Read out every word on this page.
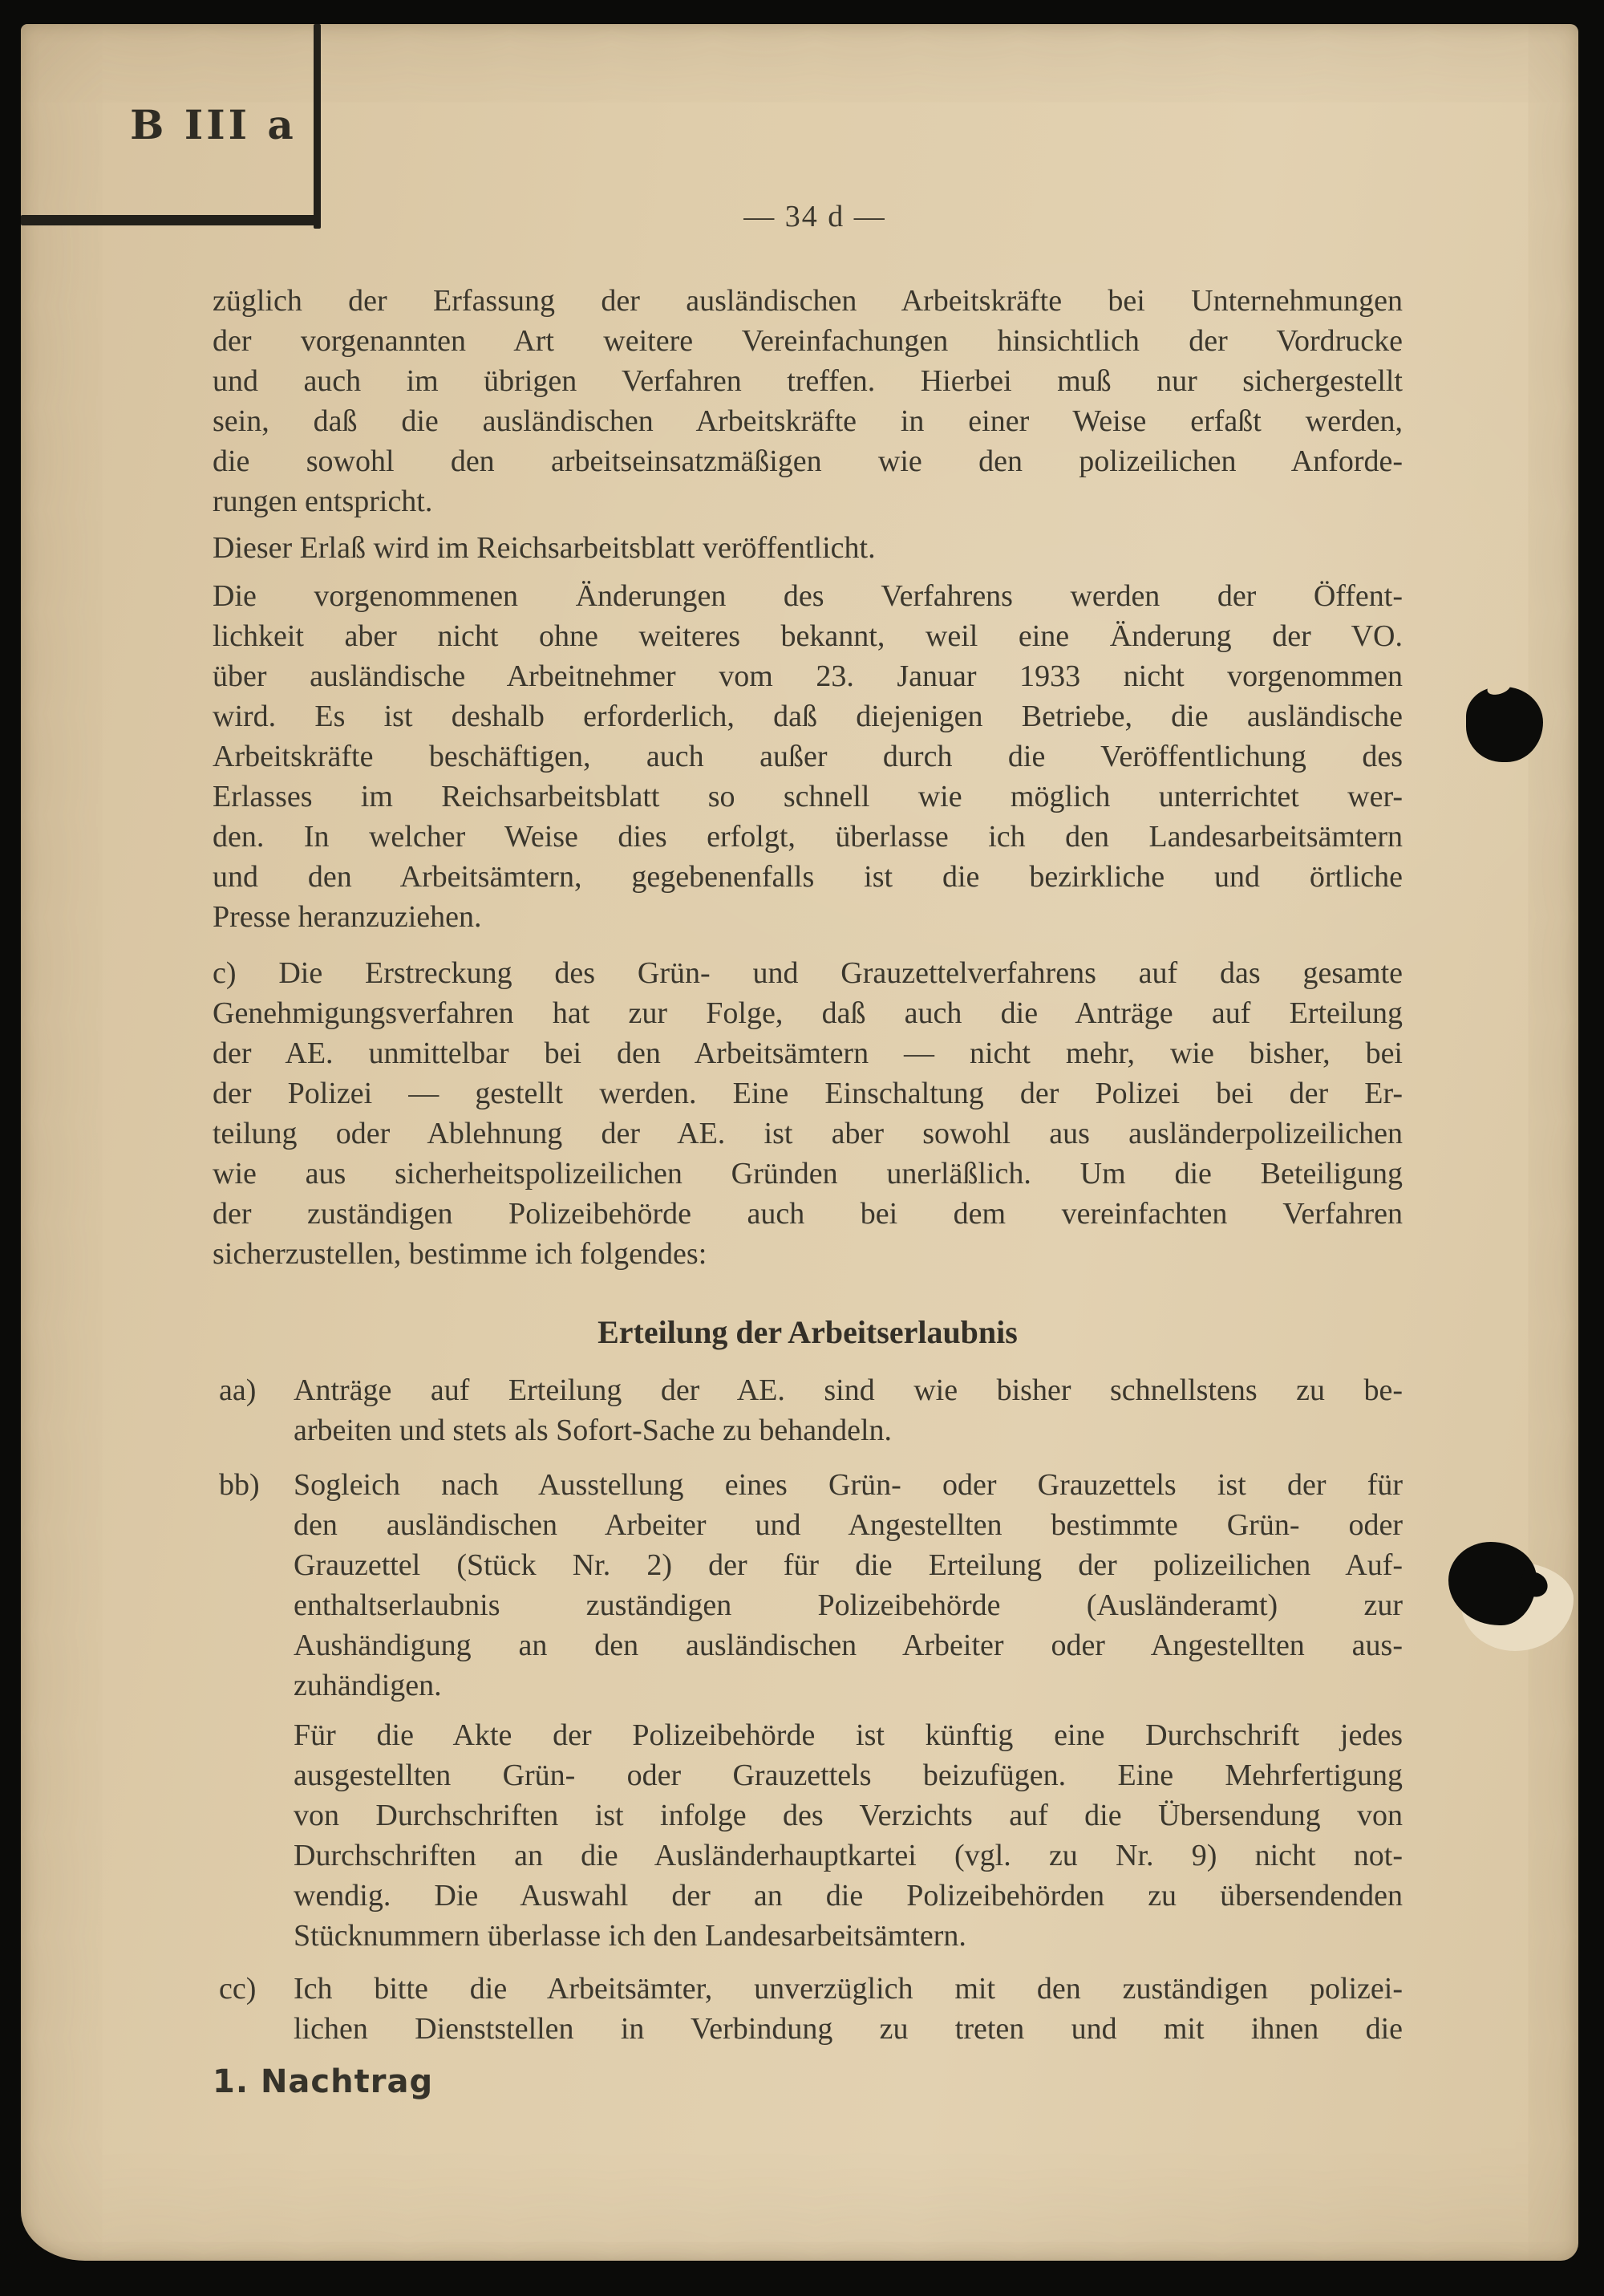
B III a
— 34 d —
züglich der Erfassung der ausländischen Arbeitskräfte bei Unternehmungen
der vorgenannten Art weitere Vereinfachungen hinsichtlich der Vordrucke
und auch im übrigen Verfahren treffen. Hierbei muß nur sichergestellt
sein, daß die ausländischen Arbeitskräfte in einer Weise erfaßt werden,
die sowohl den arbeitseinsatzmäßigen wie den polizeilichen Anforde-
rungen entspricht.
Dieser Erlaß wird im Reichsarbeitsblatt veröffentlicht.
Die vorgenommenen Änderungen des Verfahrens werden der Öffent-
lichkeit aber nicht ohne weiteres bekannt, weil eine Änderung der VO.
über ausländische Arbeitnehmer vom 23. Januar 1933 nicht vorgenommen
wird. Es ist deshalb erforderlich, daß diejenigen Betriebe, die ausländische
Arbeitskräfte beschäftigen, auch außer durch die Veröffentlichung des
Erlasses im Reichsarbeitsblatt so schnell wie möglich unterrichtet wer-
den. In welcher Weise dies erfolgt, überlasse ich den Landesarbeitsämtern
und den Arbeitsämtern, gegebenenfalls ist die bezirkliche und örtliche
Presse heranzuziehen.
c) Die Erstreckung des Grün- und Grauzettelverfahrens auf das gesamte
Genehmigungsverfahren hat zur Folge, daß auch die Anträge auf Erteilung
der AE. unmittelbar bei den Arbeitsämtern — nicht mehr, wie bisher, bei
der Polizei — gestellt werden. Eine Einschaltung der Polizei bei der Er-
teilung oder Ablehnung der AE. ist aber sowohl aus ausländerpolizeilichen
wie aus sicherheitspolizeilichen Gründen unerläßlich. Um die Beteiligung
der zuständigen Polizeibehörde auch bei dem vereinfachten Verfahren
sicherzustellen, bestimme ich folgendes:
Erteilung der Arbeitserlaubnis
aa) Anträge auf Erteilung der AE. sind wie bisher schnellstens zu be-
arbeiten und stets als Sofort-Sache zu behandeln.
bb) Sogleich nach Ausstellung eines Grün- oder Grauzettels ist der für
den ausländischen Arbeiter und Angestellten bestimmte Grün- oder
Grauzettel (Stück Nr. 2) der für die Erteilung der polizeilichen Auf-
enthaltserlaubnis zuständigen Polizeibehörde (Ausländeramt) zur
Aushändigung an den ausländischen Arbeiter oder Angestellten aus-
zuhändigen.
Für die Akte der Polizeibehörde ist künftig eine Durchschrift jedes
ausgestellten Grün- oder Grauzettels beizufügen. Eine Mehrfertigung
von Durchschriften ist infolge des Verzichts auf die Übersendung von
Durchschriften an die Ausländerhauptkartei (vgl. zu Nr. 9) nicht not-
wendig. Die Auswahl der an die Polizeibehörden zu übersendenden
Stücknummern überlasse ich den Landesarbeitsämtern.
cc) Ich bitte die Arbeitsämter, unverzüglich mit den zuständigen polizei-
lichen Dienststellen in Verbindung zu treten und mit ihnen die
1. Nachtrag
